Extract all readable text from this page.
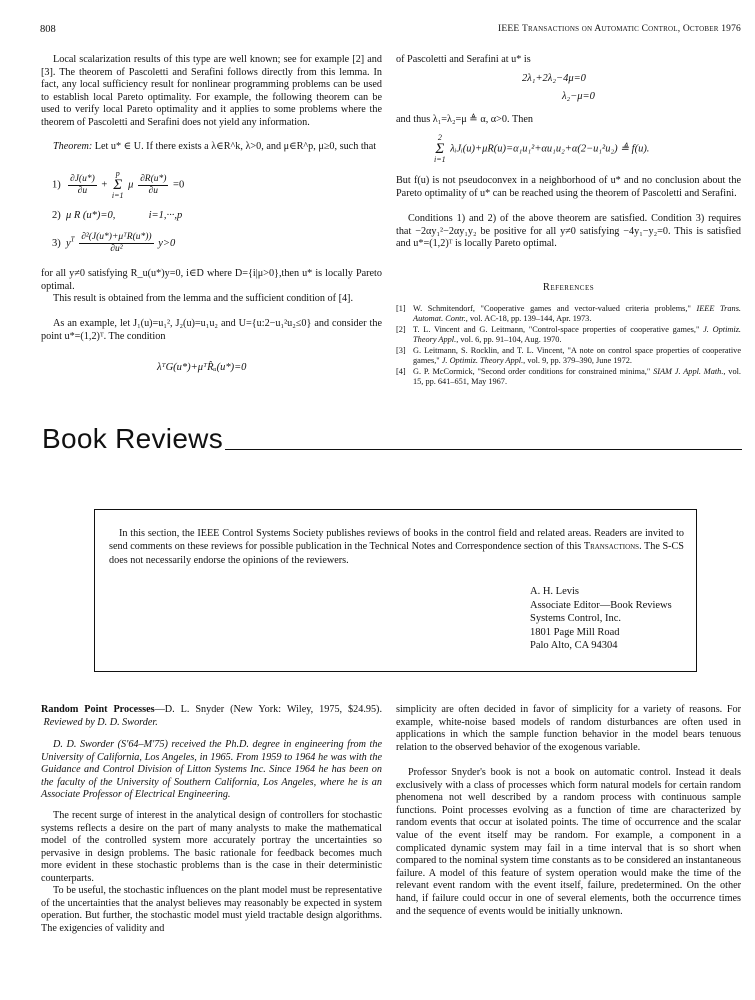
808	IEEE Transactions on Automatic Control, October 1976
Local scalarization results of this type are well known; see for example [2] and [3]. The theorem of Pascoletti and Serafini follows directly from this lemma. In fact, any local sufficiency result for nonlinear programming problems can be used to establish local Pareto optimality. For example, the following theorem can be used to verify local Pareto optimality and it applies to some problems where the theorem of Pascoletti and Serafini does not yield any information.
Theorem: Let u* ∈ U. If there exists a λ∈R^k, λ>0, and μ∈R^p, μ≥0, such that
$1) \frac{\partial J(u*)}{\partial u} + p$
Σ
i=1 μ $\frac{\partial R(u*)}{\partial u} =0$
2) μ R (u*)=0,	i=1,···,p
3) $y^T \frac{\text{∂²(J(u*)+μᵀR(u*))}}{\text{∂u²}} y>0$
for all y≠0 satisfying R_u(u*)y=0, i∈D where D={i|μ>0},then u* is locally Pareto optimal.
This result is obtained from the lemma and the sufficient condition of [4].
As an example, let J₁(u)=u₁², J₂(u)=u₁u₂ and U={u:2−u₁²u₂≤0} and consider the point u*=(1,2)ᵀ. The condition
λᵀG(u*)+μᵀR̂ᵤ(u*)=0
of Pascoletti and Serafini at u* is
2λ₁+2λ₂−4μ=0
λ₂−μ=0
and thus λ₁=λ₂=μ ≜ α, α>0. Then
2
Σ
i=1 λᵢJᵢ(u)+μR(u)=α₁u₁²+αu₁u₂+α(2−u₁²u₂) ≜ f(u).
But f(u) is not pseudoconvex in a neighborhood of u* and no conclusion about the Pareto optimality of u* can be reached using the theorem of Pascoletti and Serafini.
Conditions 1) and 2) of the above theorem are satisfied. Condition 3) requires that −2αy₁²−2αy₁y₂ be positive for all y≠0 satisfying −4y₁−y₂=0. This is satisfied and u*=(1,2)ᵀ is locally Pareto optimal.
References
[1] W. Schmitendorf, "Cooperative games and vector-valued criteria problems," IEEE Trans. Automat. Contr., vol. AC-18, pp. 139–144, Apr. 1973.
[2] T. L. Vincent and G. Leitmann, "Control-space properties of cooperative games," J. Optimiz. Theory Appl., vol. 6, pp. 91–104, Aug. 1970.
[3] G. Leitmann, S. Rocklin, and T. L. Vincent, "A note on control space properties of cooperative games," J. Optimiz. Theory Appl., vol. 9, pp. 379–390, June 1972.
[4] G. P. McCormick, "Second order conditions for constrained minima," SIAM J. Appl. Math., vol. 15, pp. 641–651, May 1967.
Book Reviews
In this section, the IEEE Control Systems Society publishes reviews of books in the control field and related areas. Readers are invited to send comments on these reviews for possible publication in the Technical Notes and Correspondence section of this Transactions. The S-CS does not necessarily endorse the opinions of the reviewers.
A. H. Levis
Associate Editor—Book Reviews
Systems Control, Inc.
1801 Page Mill Road
Palo Alto, CA 94304
Random Point Processes—D. L. Snyder (New York: Wiley, 1975, $24.95).  Reviewed by D. D. Sworder.
D. D. Sworder (S'64–M'75) received the Ph.D. degree in engineering from the University of California, Los Angeles, in 1965. From 1959 to 1964 he was with the Guidance and Control Division of Litton Systems Inc. Since 1964 he has been on the faculty of the University of Southern California, Los Angeles, where he is an Associate Professor of Electrical Engineering.
The recent surge of interest in the analytical design of controllers for stochastic systems reflects a desire on the part of many analysts to make the mathematical model of the controlled system more accurately portray the uncertainties so pervasive in design problems. The basic rationale for feedback becomes much more evident in these stochastic problems than is the case in their deterministic counterparts.
To be useful, the stochastic influences on the plant model must be representative of the uncertainties that the analyst believes may reasonably be expected in system operation. But further, the stochastic model must yield tractable design algorithms. The exigencies of validity and
simplicity are often decided in favor of simplicity for a variety of reasons. For example, white-noise based models of random disturbances are often used in applications in which the sample function behavior in the model bears tenuous relation to the observed behavior of the exogenous variable.
Professor Snyder's book is not a book on automatic control. Instead it deals exclusively with a class of processes which form natural models for certain random phenomena not well described by a random process with continuous sample functions. Point processes evolving as a function of time are characterized by random events that occur at isolated points. The time of occurrence and the scalar value of the event itself may be random. For example, a component in a complicated dynamic system may fail in a time interval that is so short when compared to the nominal system time constants as to be considered an instantaneous failure. A model of this feature of system operation would make the time of the relevant event random with the event itself, failure, predetermined. On the other hand, if failure could occur in one of several elements, both the occurrence times and the sequence of events would be initially unknown.
